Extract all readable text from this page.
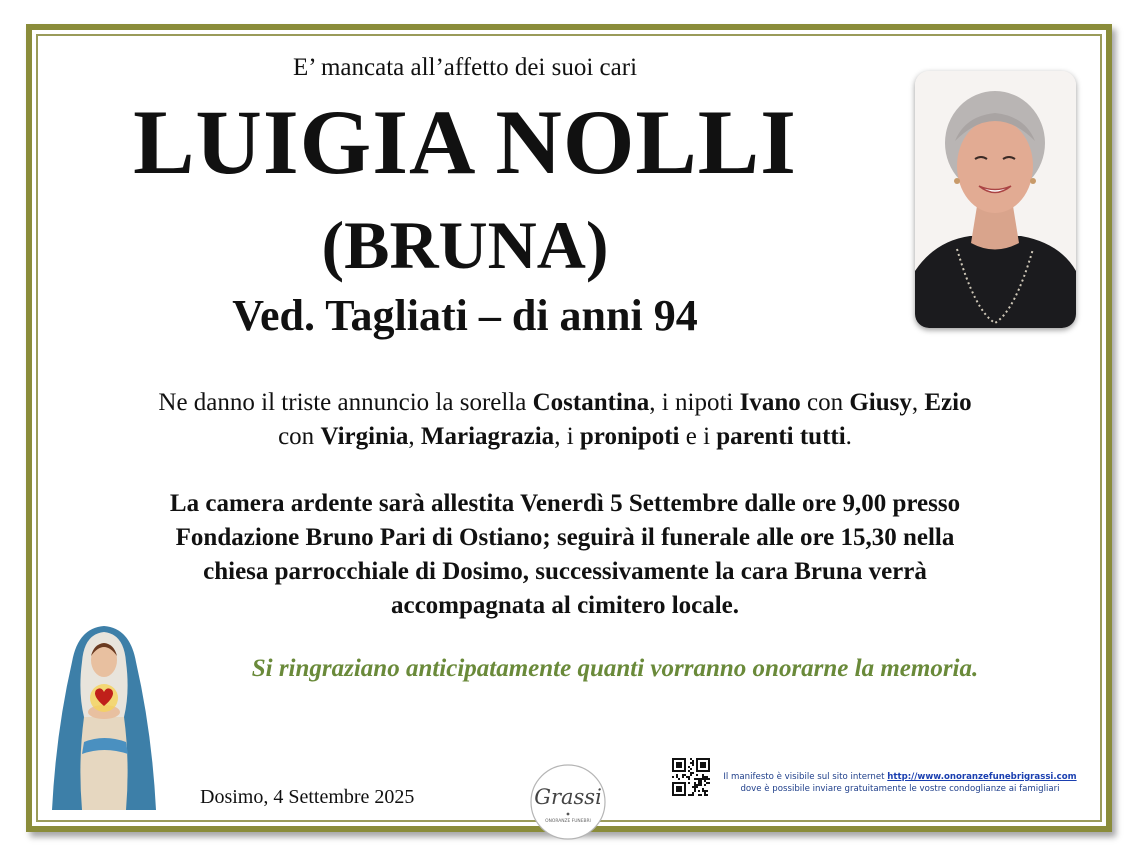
E’ mancata all’affetto dei suoi cari
LUIGIA NOLLI
(BRUNA)
Ved. Tagliati – di anni 94
Ne danno il triste annuncio la sorella Costantina, i nipoti Ivano con Giusy, Ezio
con Virginia, Mariagrazia, i pronipoti e i parenti tutti.
La camera ardente sarà allestita Venerdì 5 Settembre dalle ore 9,00 presso
Fondazione Bruno Pari di Ostiano; seguirà il funerale alle ore 15,30 nella
chiesa parrocchiale di Dosimo, successivamente la cara Bruna verrà
accompagnata al cimitero locale.
Si ringraziano anticipatamente quanti vorranno onorarne la memoria.
Dosimo, 4 Settembre 2025	Grassi
ONORANZE FUNEBRI
Il manifesto è visibile sul sito internet http://www.onoranzefunebrigrassi.com
dove è possibile inviare gratuitamente le vostre condoglianze ai famigliari
